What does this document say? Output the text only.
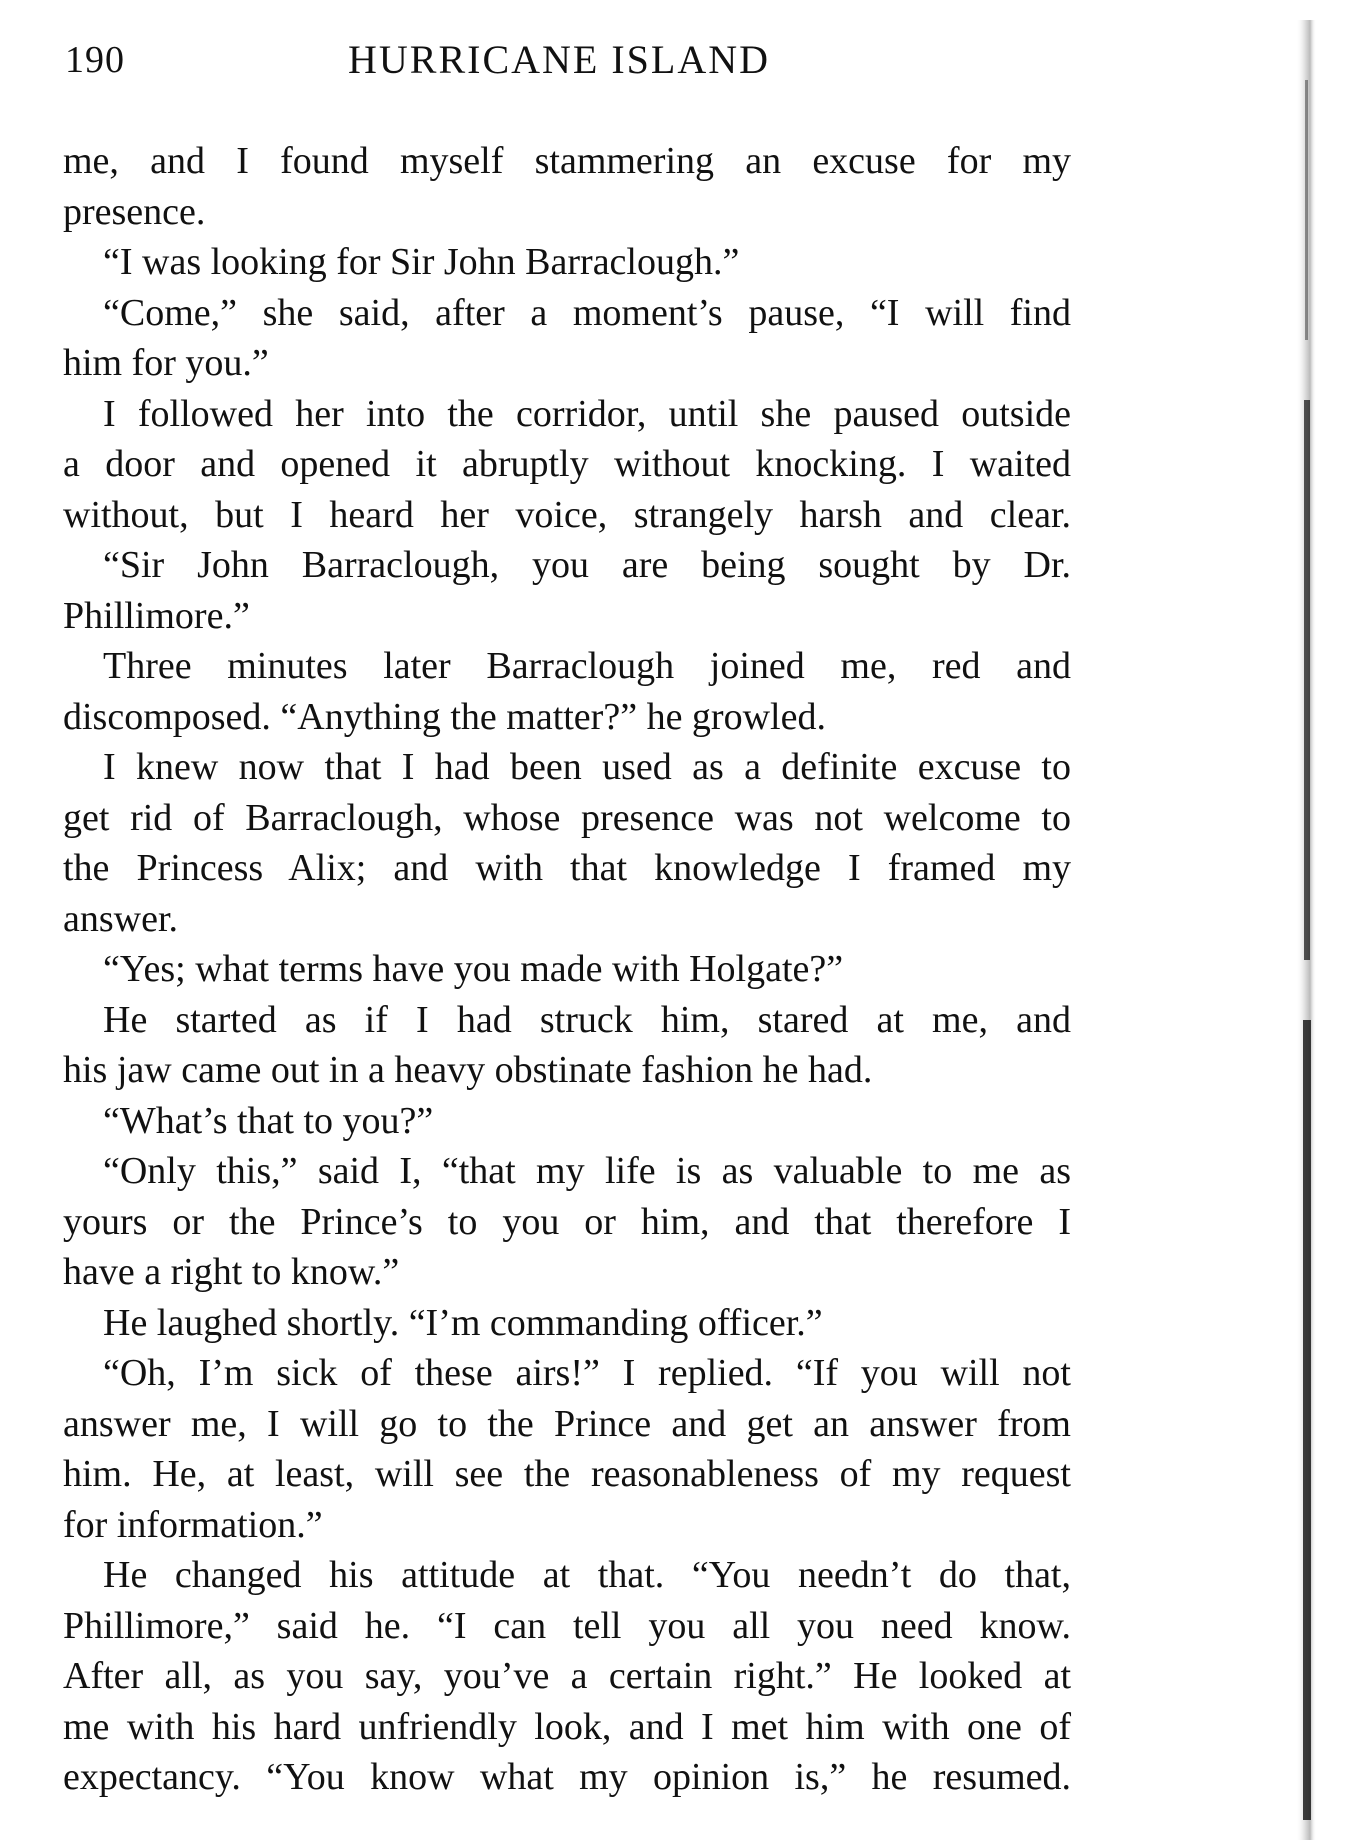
190	HURRICANE ISLAND
me, and I found myself stammering an excuse for my
presence.
“I was looking for Sir John Barraclough.”
“Come,” she said, after a moment’s pause, “I will find
him for you.”
I followed her into the corridor, until she paused outside
a door and opened it abruptly without knocking. I waited
without, but I heard her voice, strangely harsh and clear.
“Sir John Barraclough, you are being sought by Dr.
Phillimore.”
Three minutes later Barraclough joined me, red and
discomposed. “Anything the matter?” he growled.
I knew now that I had been used as a definite excuse to
get rid of Barraclough, whose presence was not welcome to
the Princess Alix; and with that knowledge I framed my
answer.
“Yes; what terms have you made with Holgate?”
He started as if I had struck him, stared at me, and
his jaw came out in a heavy obstinate fashion he had.
“What’s that to you?”
“Only this,” said I, “that my life is as valuable to me as
yours or the Prince’s to you or him, and that therefore I
have a right to know.”
He laughed shortly. “I’m commanding officer.”
“Oh, I’m sick of these airs!” I replied. “If you will not
answer me, I will go to the Prince and get an answer from
him. He, at least, will see the reasonableness of my request
for information.”
He changed his attitude at that. “You needn’t do that,
Phillimore,” said he. “I can tell you all you need know.
After all, as you say, you’ve a certain right.” He looked at
me with his hard unfriendly look, and I met him with one of
expectancy. “You know what my opinion is,” he resumed.
